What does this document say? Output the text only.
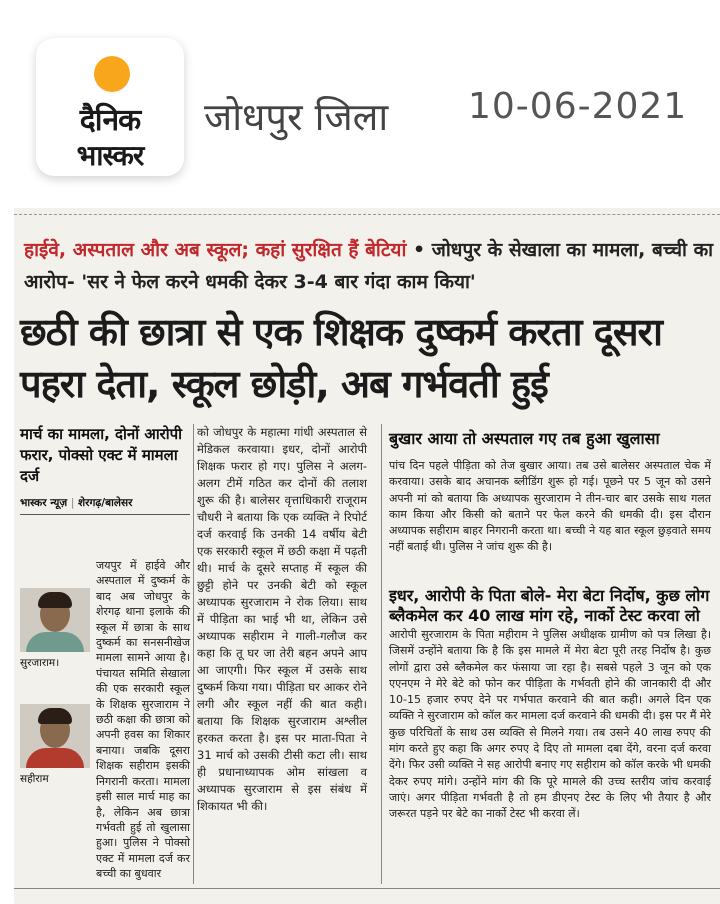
दैनिक
भास्कर
जोधपुर जिला 10-06-2021
हाईवे, अस्पताल और अब स्कूल; कहां सुरक्षित हैं बेटियां • जोधपुर के सेखाला का मामला, बच्ची का आरोप- 'सर ने फेल करने धमकी देकर 3-4 बार गंदा काम किया'
छठी की छात्रा से एक शिक्षक दुष्कर्म करता दूसरा पहरा देता, स्कूल छोड़ी, अब गर्भवती हुई
मार्च का मामला, दोनों आरोपी फरार, पोक्सो एक्ट में मामला दर्ज
भास्कर न्यूज़ | शेरगढ़/बालेसर
सुरजाराम।
सहीराम
जयपुर में हाईवे और अस्पताल में दुष्कर्म के बाद अब जोधपुर के शेरगढ़ थाना इलाके की स्कूल में छात्रा के साथ दुष्कर्म का सनसनीखेज मामला सामने आया है। पंचायत समिति सेखाला की एक सरकारी स्कूल के शिक्षक सुरजाराम ने छठी कक्षा की छात्रा को अपनी हवस का शिकार बनाया। जबकि दूसरा शिक्षक सहीराम इसकी निगरानी करता। मामला इसी साल मार्च माह का है, लेकिन अब छात्रा गर्भवती हुई तो खुलासा हुआ। पुलिस ने पोक्सो एक्ट में मामला दर्ज कर बच्ची का बुधवार
को जोधपुर के महात्मा गांधी अस्पताल से मेडिकल करवाया। इधर, दोनों आरोपी शिक्षक फरार हो गए। पुलिस ने अलग-अलग टीमें गठित कर दोनों की तलाश शुरू की है। बालेसर वृत्ताधिकारी राजूराम चौधरी ने बताया कि एक व्यक्ति ने रिपोर्ट दर्ज करवाई कि उनकी 14 वर्षीय बेटी एक सरकारी स्कूल में छठी कक्षा में पढ़ती थी। मार्च के दूसरे सप्ताह में स्कूल की छुट्टी होने पर उनकी बेटी को स्कूल अध्यापक सुरजाराम ने रोक लिया। साथ में पीड़िता का भाई भी था, लेकिन उसे अध्यापक सहीराम ने गाली-गलौज कर कहा कि तू घर जा तेरी बहन अपने आप आ जाएगी। फिर स्कूल में उसके साथ दुष्कर्म किया गया। पीड़िता घर आकर रोने लगी और स्कूल नहीं की बात कही। बताया कि शिक्षक सुरजाराम अश्लील हरकत करता है। इस पर माता-पिता ने 31 मार्च को उसकी टीसी कटा ली। साथ ही प्रधानाध्यापक ओम सांखला व अध्यापक सुरजाराम से इस संबंध में शिकायत भी की।
बुखार आया तो अस्पताल गए तब हुआ खुलासा
पांच दिन पहले पीड़िता को तेज बुखार आया। तब उसे बालेसर अस्पताल चेक में करवाया। उसके बाद अचानक ब्लीडिंग शुरू हो गई। पूछने पर 5 जून को उसने अपनी मां को बताया कि अध्यापक सुरजाराम ने तीन-चार बार उसके साथ गलत काम किया और किसी को बताने पर फेल करने की धमकी दी। इस दौरान अध्यापक सहीराम बाहर निगरानी करता था। बच्ची ने यह बात स्कूल छुड़वाते समय नहीं बताई थी। पुलिस ने जांच शुरू की है।
इधर, आरोपी के पिता बोले- मेरा बेटा निर्दोष, कुछ लोग ब्लैकमेल कर 40 लाख मांग रहे, नार्को टेस्ट करवा लो
आरोपी सुरजाराम के पिता महीराम ने पुलिस अधीक्षक ग्रामीण को पत्र लिखा है। जिसमें उन्होंने बताया कि है कि इस मामले में मेरा बेटा पूरी तरह निर्दोष है। कुछ लोगों द्वारा उसे ब्लैकमेल कर फंसाया जा रहा है। सबसे पहले 3 जून को एक एएनएम ने मेरे बेटे को फोन कर पीड़िता के गर्भवती होने की जानकारी दी और 10-15 हजार रुपए देने पर गर्भपात करवाने की बात कही। अगले दिन एक व्यक्ति ने सुरजाराम को कॉल कर मामला दर्ज करवाने की धमकी दी। इस पर मैं मेरे कुछ परिचितों के साथ उस व्यक्ति से मिलने गया। तब उसने 40 लाख रुपए की मांग करते हुए कहा कि अगर रुपए दे दिए तो मामला दबा देंगे, वरना दर्ज करवा देंगे। फिर उसी व्यक्ति ने सह आरोपी बनाए गए सहीराम को कॉल करके भी धमकी देकर रुपए मांगे। उन्होंने मांग की कि पूरे मामले की उच्च स्तरीय जांच करवाई जाएं। अगर पीड़िता गर्भवती है तो हम डीएनए टेस्ट के लिए भी तैयार है और जरूरत पड़ने पर बेटे का नार्को टेस्ट भी करवा लें।
